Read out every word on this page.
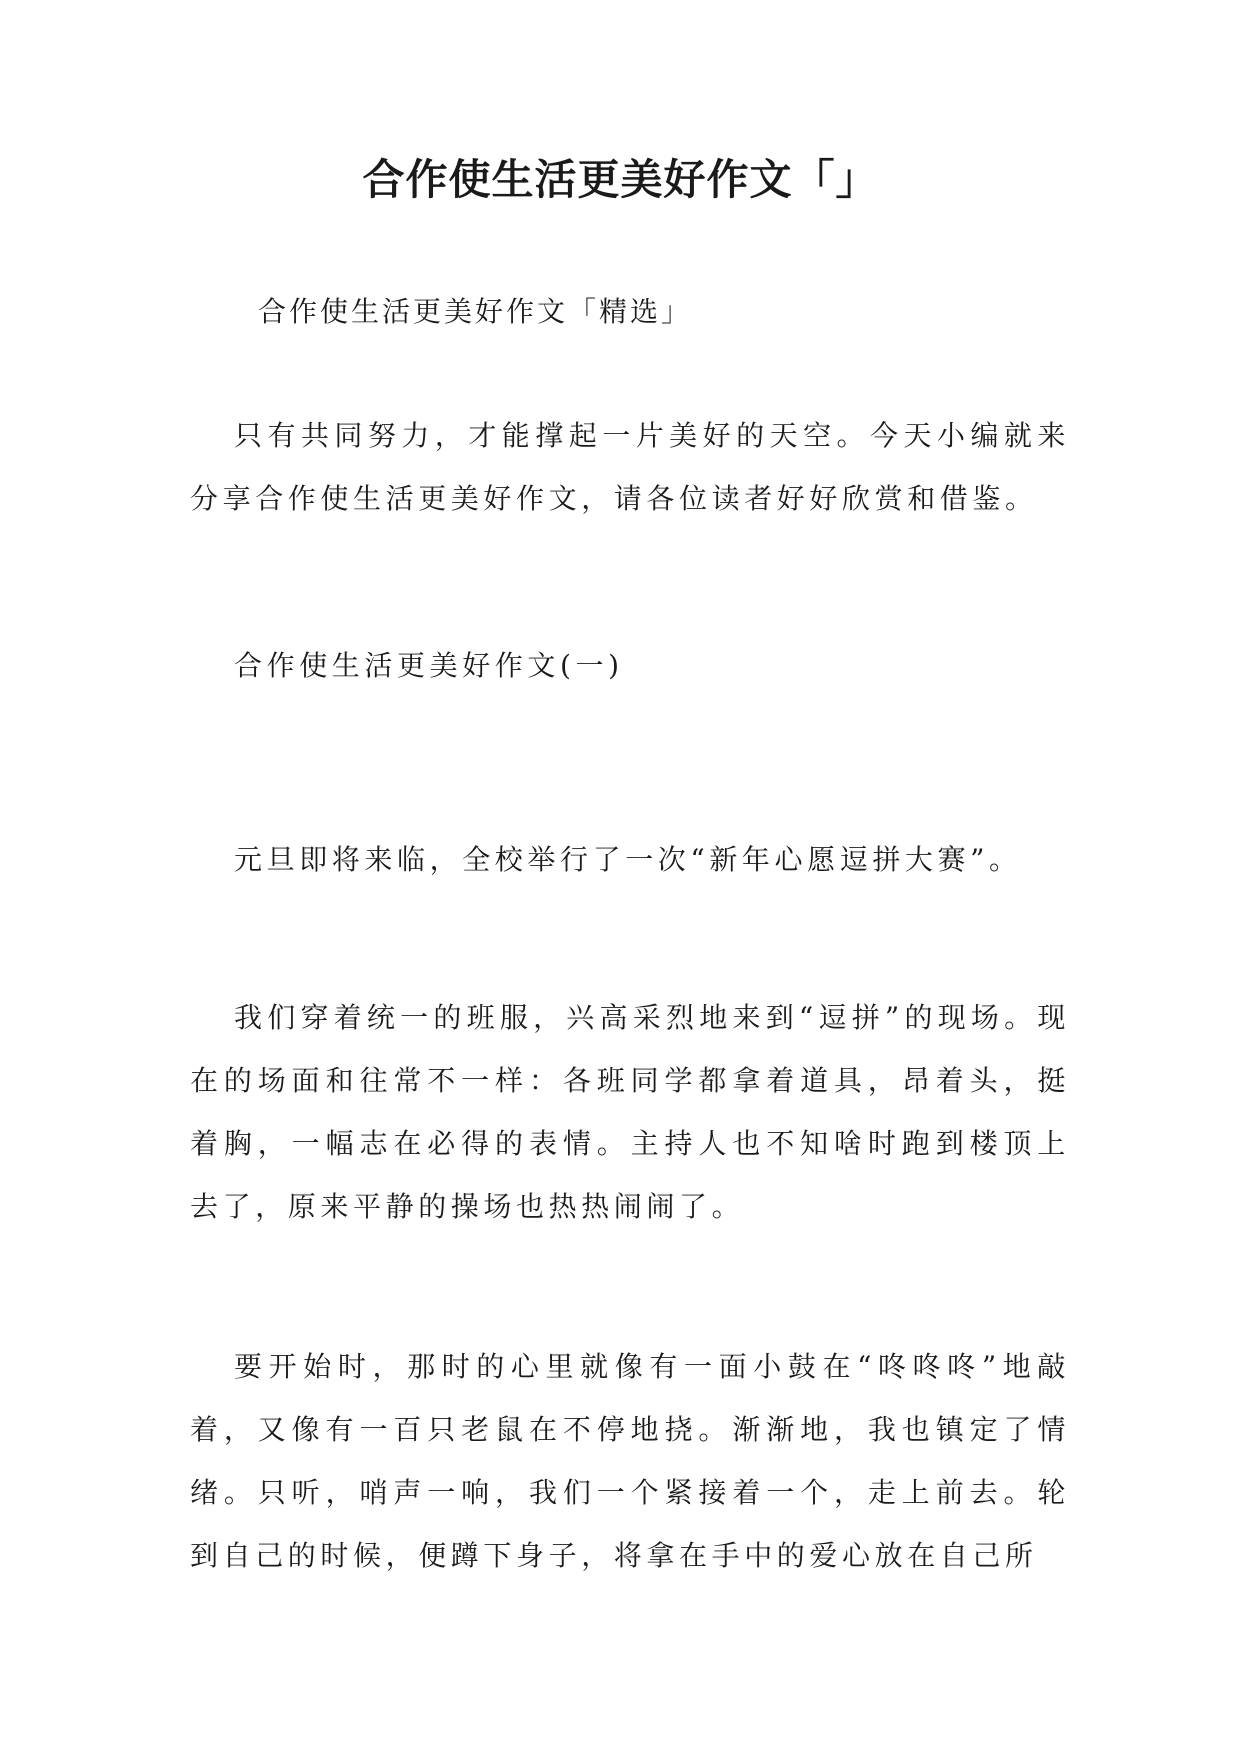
合作使生活更美好作文「」

合作使生活更美好作文「精选」

只有共同努力，才能撑起一片美好的天空。今天小编就来分享合作使生活更美好作文，请各位读者好好欣赏和借鉴。

合作使生活更美好作文(一)

元旦即将来临，全校举行了一次“新年心愿逗拼大赛”。

我们穿着统一的班服，兴高采烈地来到“逗拼”的现场。现在的场面和往常不一样：各班同学都拿着道具，昂着头，挺着胸，一幅志在必得的表情。主持人也不知啥时跑到楼顶上去了，原来平静的操场也热热闹闹了。

要开始时，那时的心里就像有一面小鼓在“咚咚咚”地敲着，又像有一百只老鼠在不停地挠。渐渐地，我也镇定了情绪。只听，哨声一响，我们一个紧接着一个，走上前去。轮到自己的时候，便蹲下身子，将拿在手中的爱心放在自己所
